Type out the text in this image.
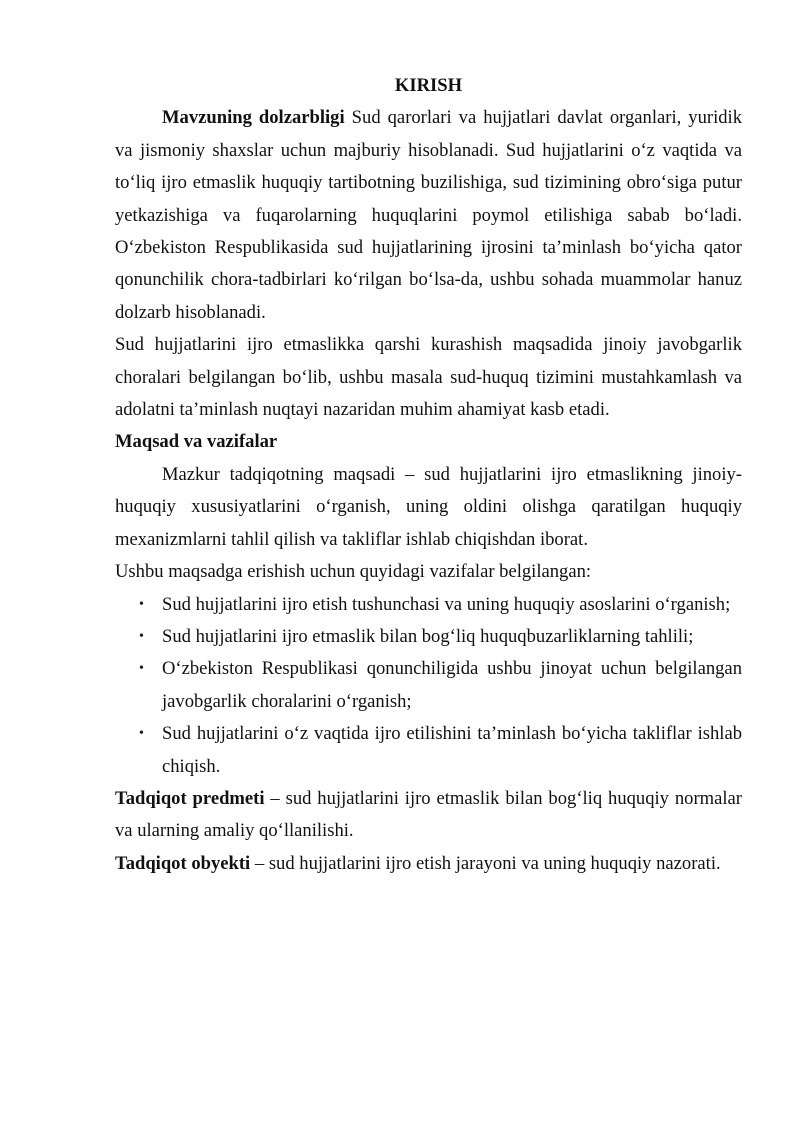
KIRISH

Mavzuning dolzarbligi Sud qarorlari va hujjatlari davlat organlari, yuridik va jismoniy shaxslar uchun majburiy hisoblanadi. Sud hujjatlarini o‘z vaqtida va to‘liq ijro etmaslik huquqiy tartibotning buzilishiga, sud tizimining obro‘siga putur yetkazishiga va fuqarolarning huquqlarini poymol etilishiga sabab bo‘ladi. O‘zbekiston Respublikasida sud hujjatlarining ijrosini ta’minlash bo‘yicha qator qonunchilik chora-tadbirlari ko‘rilgan bo‘lsa-da, ushbu sohada muammolar hanuz dolzarb hisoblanadi.

Sud hujjatlarini ijro etmaslikka qarshi kurashish maqsadida jinoiy javobgarlik choralari belgilangan bo‘lib, ushbu masala sud-huquq tizimini mustahkamlash va adolatni ta’minlash nuqtayi nazaridan muhim ahamiyat kasb etadi.

Maqsad va vazifalar

Mazkur tadqiqotning maqsadi – sud hujjatlarini ijro etmaslikning jinoiy-huquqiy xususiyatlarini o‘rganish, uning oldini olishga qaratilgan huquqiy mexanizmlarni tahlil qilish va takliflar ishlab chiqishdan iborat.

Ushbu maqsadga erishish uchun quyidagi vazifalar belgilangan:

• Sud hujjatlarini ijro etish tushunchasi va uning huquqiy asoslarini o‘rganish;
• Sud hujjatlarini ijro etmaslik bilan bog‘liq huquqbuzarliklarning tahlili;
• O‘zbekiston Respublikasi qonunchiligida ushbu jinoyat uchun belgilangan javobgarlik choralarini o‘rganish;
• Sud hujjatlarini o‘z vaqtida ijro etilishini ta’minlash bo‘yicha takliflar ishlab chiqish.

Tadqiqot predmeti – sud hujjatlarini ijro etmaslik bilan bog‘liq huquqiy normalar va ularning amaliy qo‘llanilishi.

Tadqiqot obyekti – sud hujjatlarini ijro etish jarayoni va uning huquqiy nazorati.
